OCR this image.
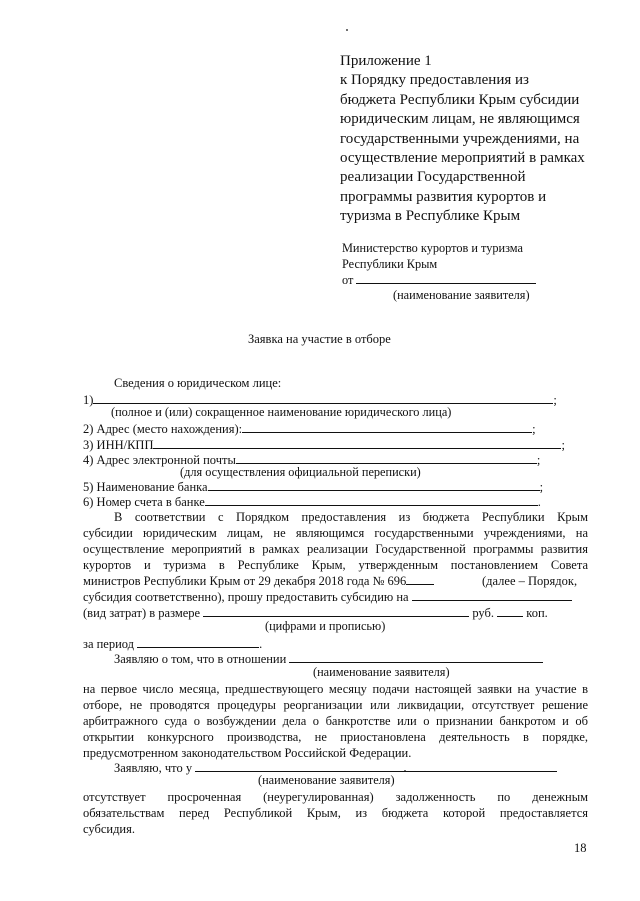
Приложение 1
к Порядку предоставления из
бюджета Республики Крым субсидии
юридическим лицам, не являющимся
государственными учреждениями, на
осуществление мероприятий в рамках
реализации Государственной
программы развития курортов и
туризма в Республике Крым
Министерство курортов и туризма
Республики Крым
от
(наименование заявителя)
Заявка на участие в отборе
Сведения о юридическом лице:
1)	;
(полное и (или) сокращенное наименование юридического лица)
2) Адрес (место нахождения):	;
3) ИНН/КПП	;
4) Адрес электронной почты	;
(для осуществления официальной переписки)
5) Наименование банка	;
6) Номер счета в банке	.
В соответствии с Порядком предоставления из бюджета Республики Крым
субсидии юридическим лицам, не являющимся государственными учреждениями, на
осуществление мероприятий в рамках реализации Государственной программы развития
курортов и туризма в Республике Крым, утвержденным постановлением Совета
министров Республики Крым от 29 декабря 2018 года № 696	(далее – Порядок,
субсидия соответственно), прошу предоставить субсидию на
(вид затрат) в размере	руб.	коп.
(цифрами и прописью)
за период	.
Заявляю о том, что в отношении
(наименование заявителя)
на первое число месяца, предшествующего месяцу подачи настоящей заявки на участие в
отборе, не проводятся процедуры реорганизации или ликвидации, отсутствует решение
арбитражного суда о возбуждении дела о банкротстве или о признании банкротом и об
открытии конкурсного производства, не приостановлена деятельность в порядке,
предусмотренном законодательством Российской Федерации.
Заявляю, что у
(наименование заявителя)
отсутствует просроченная (неурегулированная) задолженность по денежным
обязательствам перед Республикой Крым, из бюджета которой предоставляется
субсидия.
18
